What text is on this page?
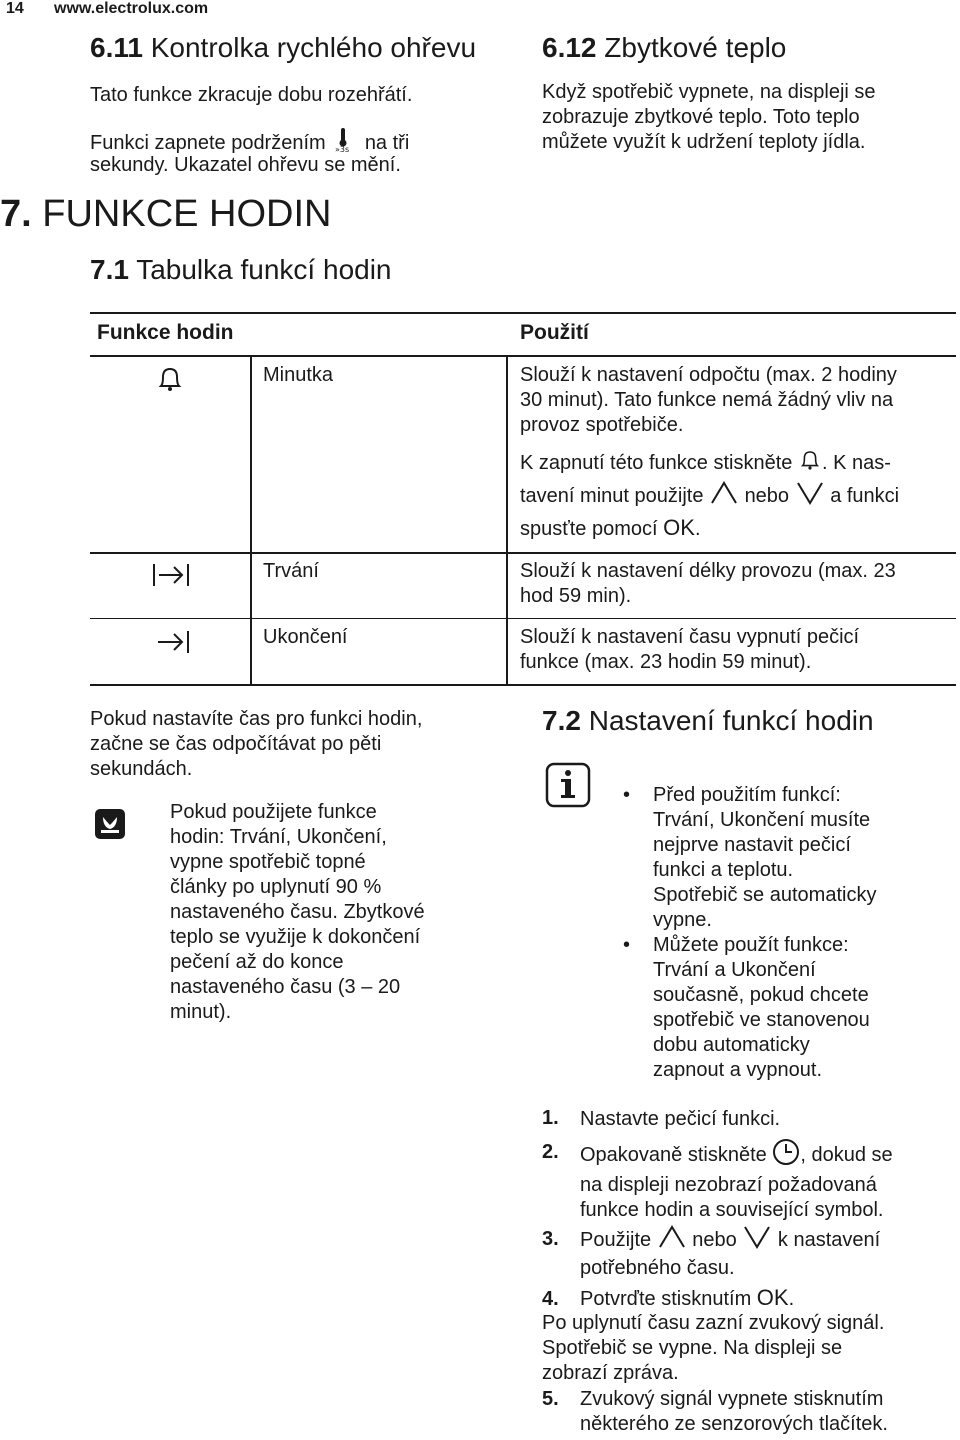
14 www.electrolux.com
6.11 Kontrolka rychlého ohřevu
Tato funkce zkracuje dobu rozehřátí.
Funkci zapnete podržením »3s na tři
sekundy. Ukazatel ohřevu se mění.
6.12 Zbytkové teplo
Když spotřebič vypnete, na displeji se
zobrazuje zbytkové teplo. Toto teplo
můžete využít k udržení teploty jídla.
7. FUNKCE HODIN
7.1 Tabulka funkcí hodin
Funkce hodin	Použití
Minutka	Slouží k nastavení odpočtu (max. 2 hodiny
30 minut). Tato funkce nemá žádný vliv na
provoz spotřebiče.
K zapnutí této funkce stiskněte . K nas-
tavení minut použijte nebo a funkci
spusťte pomocí OK.
Trvání	Slouží k nastavení délky provozu (max. 23
hod 59 min).
Ukončení	Slouží k nastavení času vypnutí pečicí
funkce (max. 23 hodin 59 minut).
Pokud nastavíte čas pro funkci hodin,
začne se čas odpočítávat po pěti
sekundách.
Pokud použijete funkce
hodin: Trvání, Ukončení,
vypne spotřebič topné
články po uplynutí 90 %
nastaveného času. Zbytkové
teplo se využije k dokončení
pečení až do konce
nastaveného času (3 – 20
minut).
7.2 Nastavení funkcí hodin
• Před použitím funkcí:
Trvání, Ukončení musíte
nejprve nastavit pečicí
funkci a teplotu.
Spotřebič se automaticky
vypne.
• Můžete použít funkce:
Trvání a Ukončení
současně, pokud chcete
spotřebič ve stanovenou
dobu automaticky
zapnout a vypnout.
1. Nastavte pečicí funkci.
2. Opakovaně stiskněte , dokud se
na displeji nezobrazí požadovaná
funkce hodin a související symbol.
3. Použijte nebo k nastavení
potřebného času.
4. Potvrďte stisknutím OK.
Po uplynutí času zazní zvukový signál.
Spotřebič se vypne. Na displeji se
zobrazí zpráva.
5. Zvukový signál vypnete stisknutím
některého ze senzorových tlačítek.
